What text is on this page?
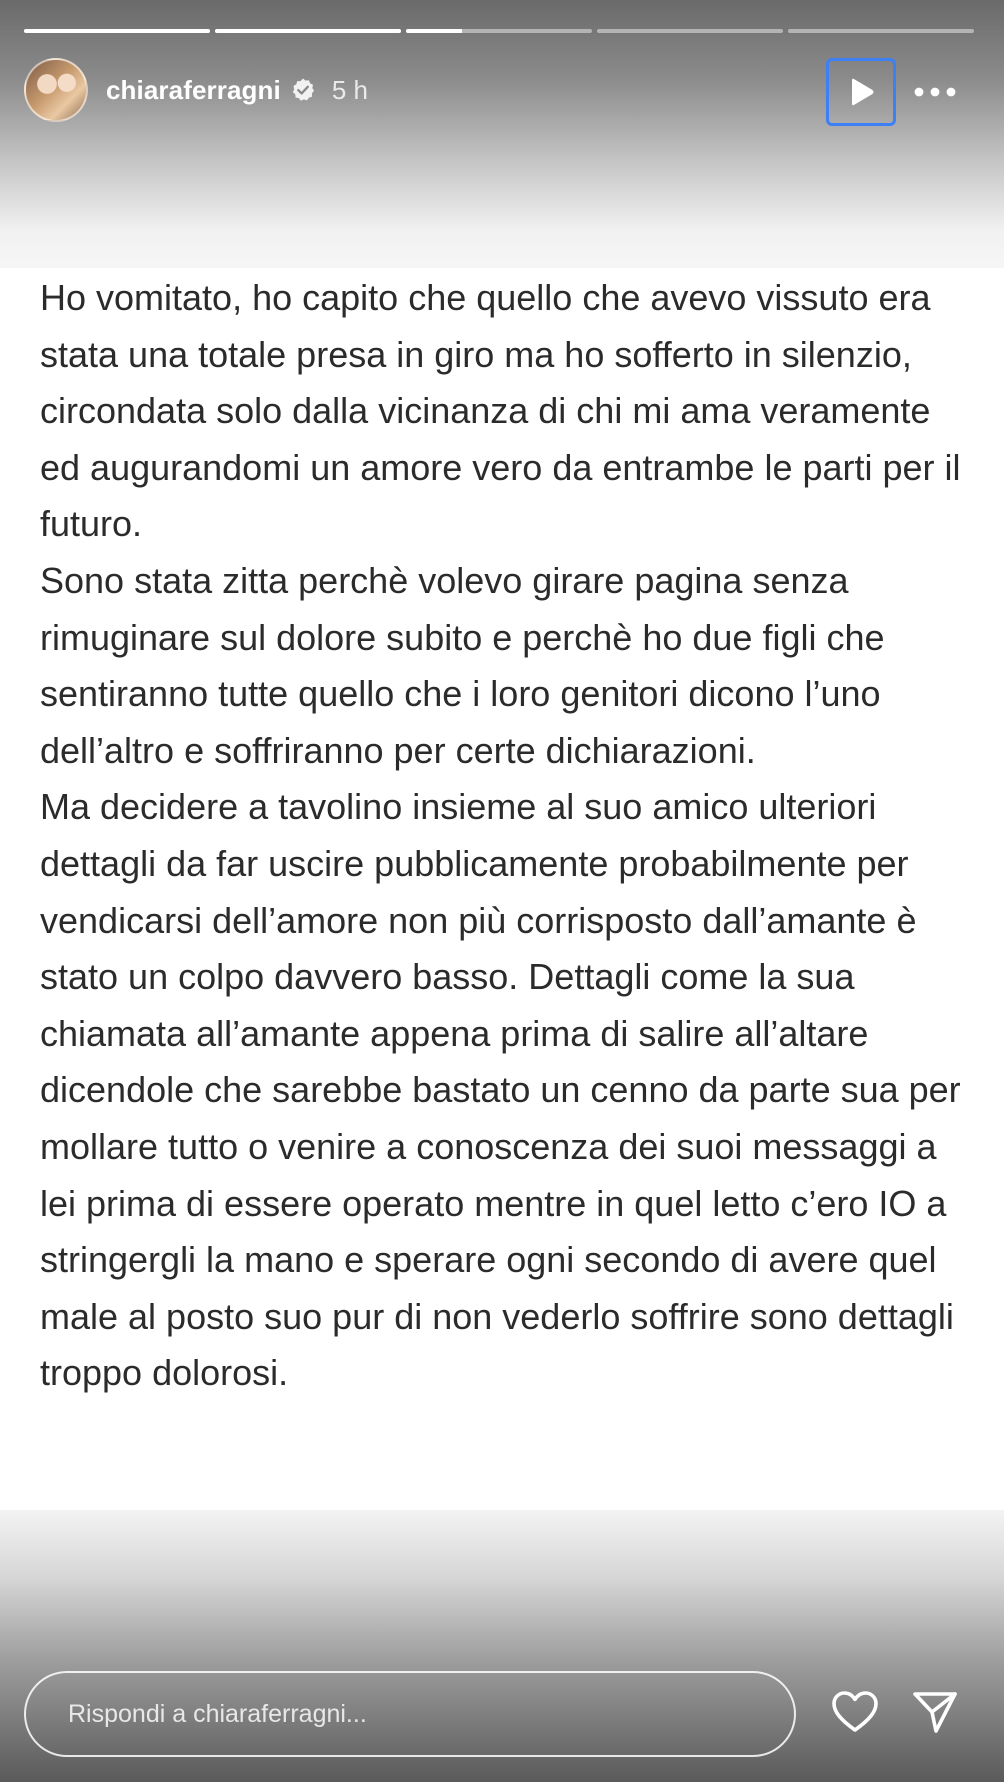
chiaraferragni 5 h

Ho vomitato, ho capito che quello che avevo vissuto era stata una totale presa in giro ma ho sofferto in silenzio, circondata solo dalla vicinanza di chi mi ama veramente ed augurandomi un amore vero da entrambe le parti per il futuro.

Sono stata zitta perchè volevo girare pagina senza rimuginare sul dolore subito e perchè ho due figli che sentiranno tutte quello che i loro genitori dicono l’uno dell’altro e soffriranno per certe dichiarazioni.

Ma decidere a tavolino insieme al suo amico ulteriori dettagli da far uscire pubblicamente probabilmente per vendicarsi dell’amore non più corrisposto dall’amante è stato un colpo davvero basso. Dettagli come la sua chiamata all’amante appena prima di salire all’altare dicendole che sarebbe bastato un cenno da parte sua per mollare tutto o venire a conoscenza dei suoi messaggi a lei prima di essere operato mentre in quel letto c’ero IO a stringergli la mano e sperare ogni secondo di avere quel male al posto suo pur di non vederlo soffrire sono dettagli troppo dolorosi.

Rispondi a chiaraferragni...
